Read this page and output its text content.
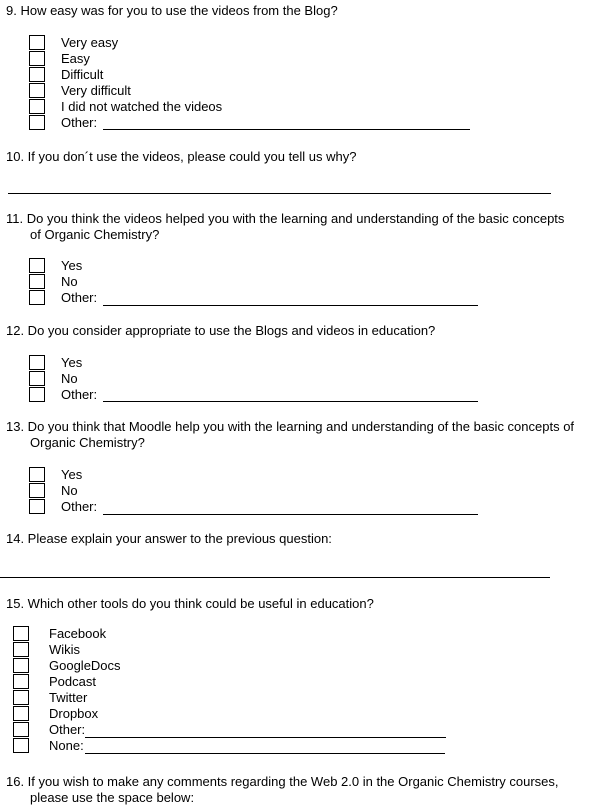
9. How easy was for you to use the videos from the Blog?
Very easy
Easy
Difficult
Very difficult
I did not watched the videos
Other:
10. If you don´t use the videos, please could you tell us why?
11. Do you think the videos helped you with the learning and understanding of the basic concepts
of Organic Chemistry?
Yes
No
Other:
12. Do you consider appropriate to use the Blogs and videos in education?
Yes
No
Other:
13. Do you think that Moodle help you with the learning and understanding of the basic concepts of
Organic Chemistry?
Yes
No
Other:
14. Please explain your answer to the previous question:
15. Which other tools do you think could be useful in education?
Facebook
Wikis
GoogleDocs
Podcast
Twitter
Dropbox
Other:
None:
16. If you wish to make any comments regarding the Web 2.0 in the Organic Chemistry courses,
please use the space below:
